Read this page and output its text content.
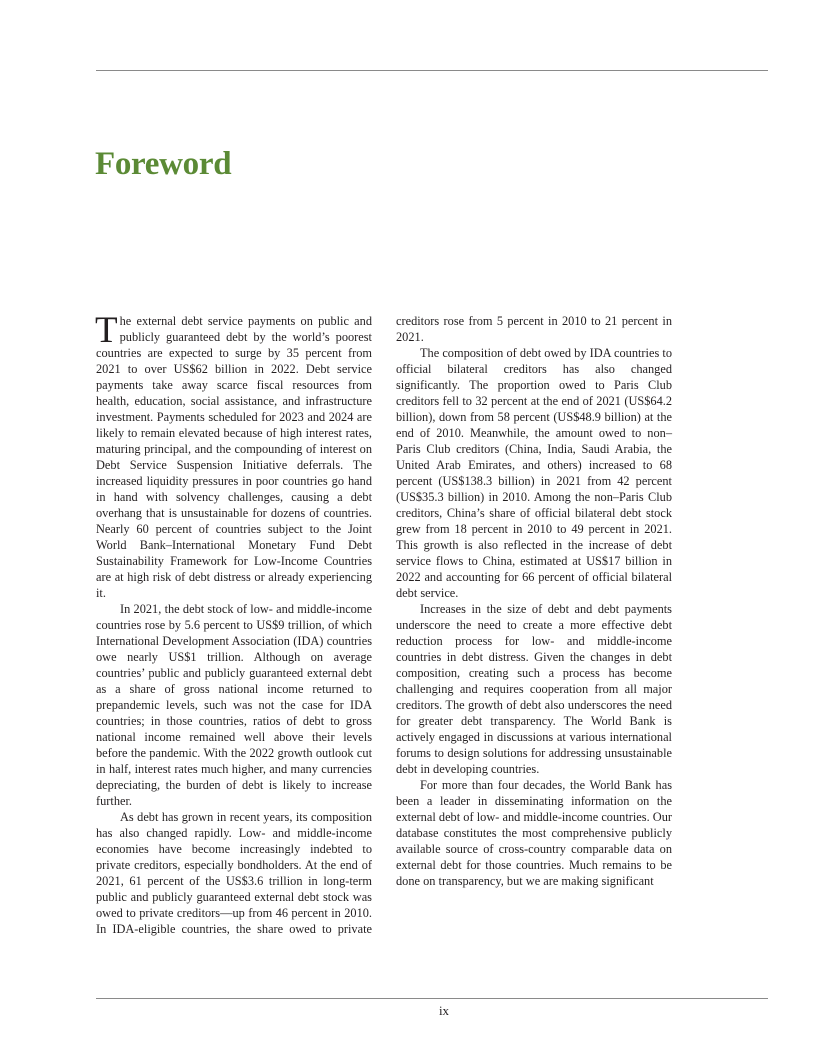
Foreword

The external debt service payments on public and publicly guaranteed debt by the world’s poorest countries are expected to surge by 35 percent from 2021 to over US$62 billion in 2022. Debt service payments take away scarce fiscal resources from health, education, social assistance, and infrastructure investment. Payments scheduled for 2023 and 2024 are likely to remain elevated because of high interest rates, maturing principal, and the compounding of interest on Debt Service Suspension Initiative deferrals. The increased liquidity pressures in poor countries go hand in hand with solvency challenges, causing a debt overhang that is unsustainable for dozens of countries. Nearly 60 percent of countries subject to the Joint World Bank–International Monetary Fund Debt Sustainability Framework for Low-Income Countries are at high risk of debt distress or already experiencing it.

In 2021, the debt stock of low- and middle-income countries rose by 5.6 percent to US$9 trillion, of which International Development Association (IDA) countries owe nearly US$1 trillion. Although on average countries’ public and publicly guaranteed external debt as a share of gross national income returned to prepandemic levels, such was not the case for IDA countries; in those countries, ratios of debt to gross national income remained well above their levels before the pandemic. With the 2022 growth outlook cut in half, interest rates much higher, and many currencies depreciating, the burden of debt is likely to increase further.

As debt has grown in recent years, its composition has also changed rapidly. Low- and middle-income economies have become increasingly indebted to private creditors, especially bondholders. At the end of 2021, 61 percent of the US$3.6 trillion in long-term public and publicly guaranteed external debt stock was owed to private creditors—up from 46 percent in 2010. In IDA-eligible countries, the share owed to private creditors rose from 5 percent in 2010 to 21 percent in 2021.

The composition of debt owed by IDA countries to official bilateral creditors has also changed significantly. The proportion owed to Paris Club creditors fell to 32 percent at the end of 2021 (US$64.2 billion), down from 58 percent (US$48.9 billion) at the end of 2010. Meanwhile, the amount owed to non–Paris Club creditors (China, India, Saudi Arabia, the United Arab Emirates, and others) increased to 68 percent (US$138.3 billion) in 2021 from 42 percent (US$35.3 billion) in 2010. Among the non–Paris Club creditors, China’s share of official bilateral debt stock grew from 18 percent in 2010 to 49 percent in 2021. This growth is also reflected in the increase of debt service flows to China, estimated at US$17 billion in 2022 and accounting for 66 percent of official bilateral debt service.

Increases in the size of debt and debt payments underscore the need to create a more effective debt reduction process for low- and middle-income countries in debt distress. Given the changes in debt composition, creating such a process has become challenging and requires cooperation from all major creditors. The growth of debt also underscores the need for greater debt transparency. The World Bank is actively engaged in discussions at various international forums to design solutions for addressing unsustainable debt in developing countries.

For more than four decades, the World Bank has been a leader in disseminating information on the external debt of low- and middle-income countries. Our database constitutes the most comprehensive publicly available source of cross-country comparable data on external debt for those countries. Much remains to be done on transparency, but we are making significant

ix
